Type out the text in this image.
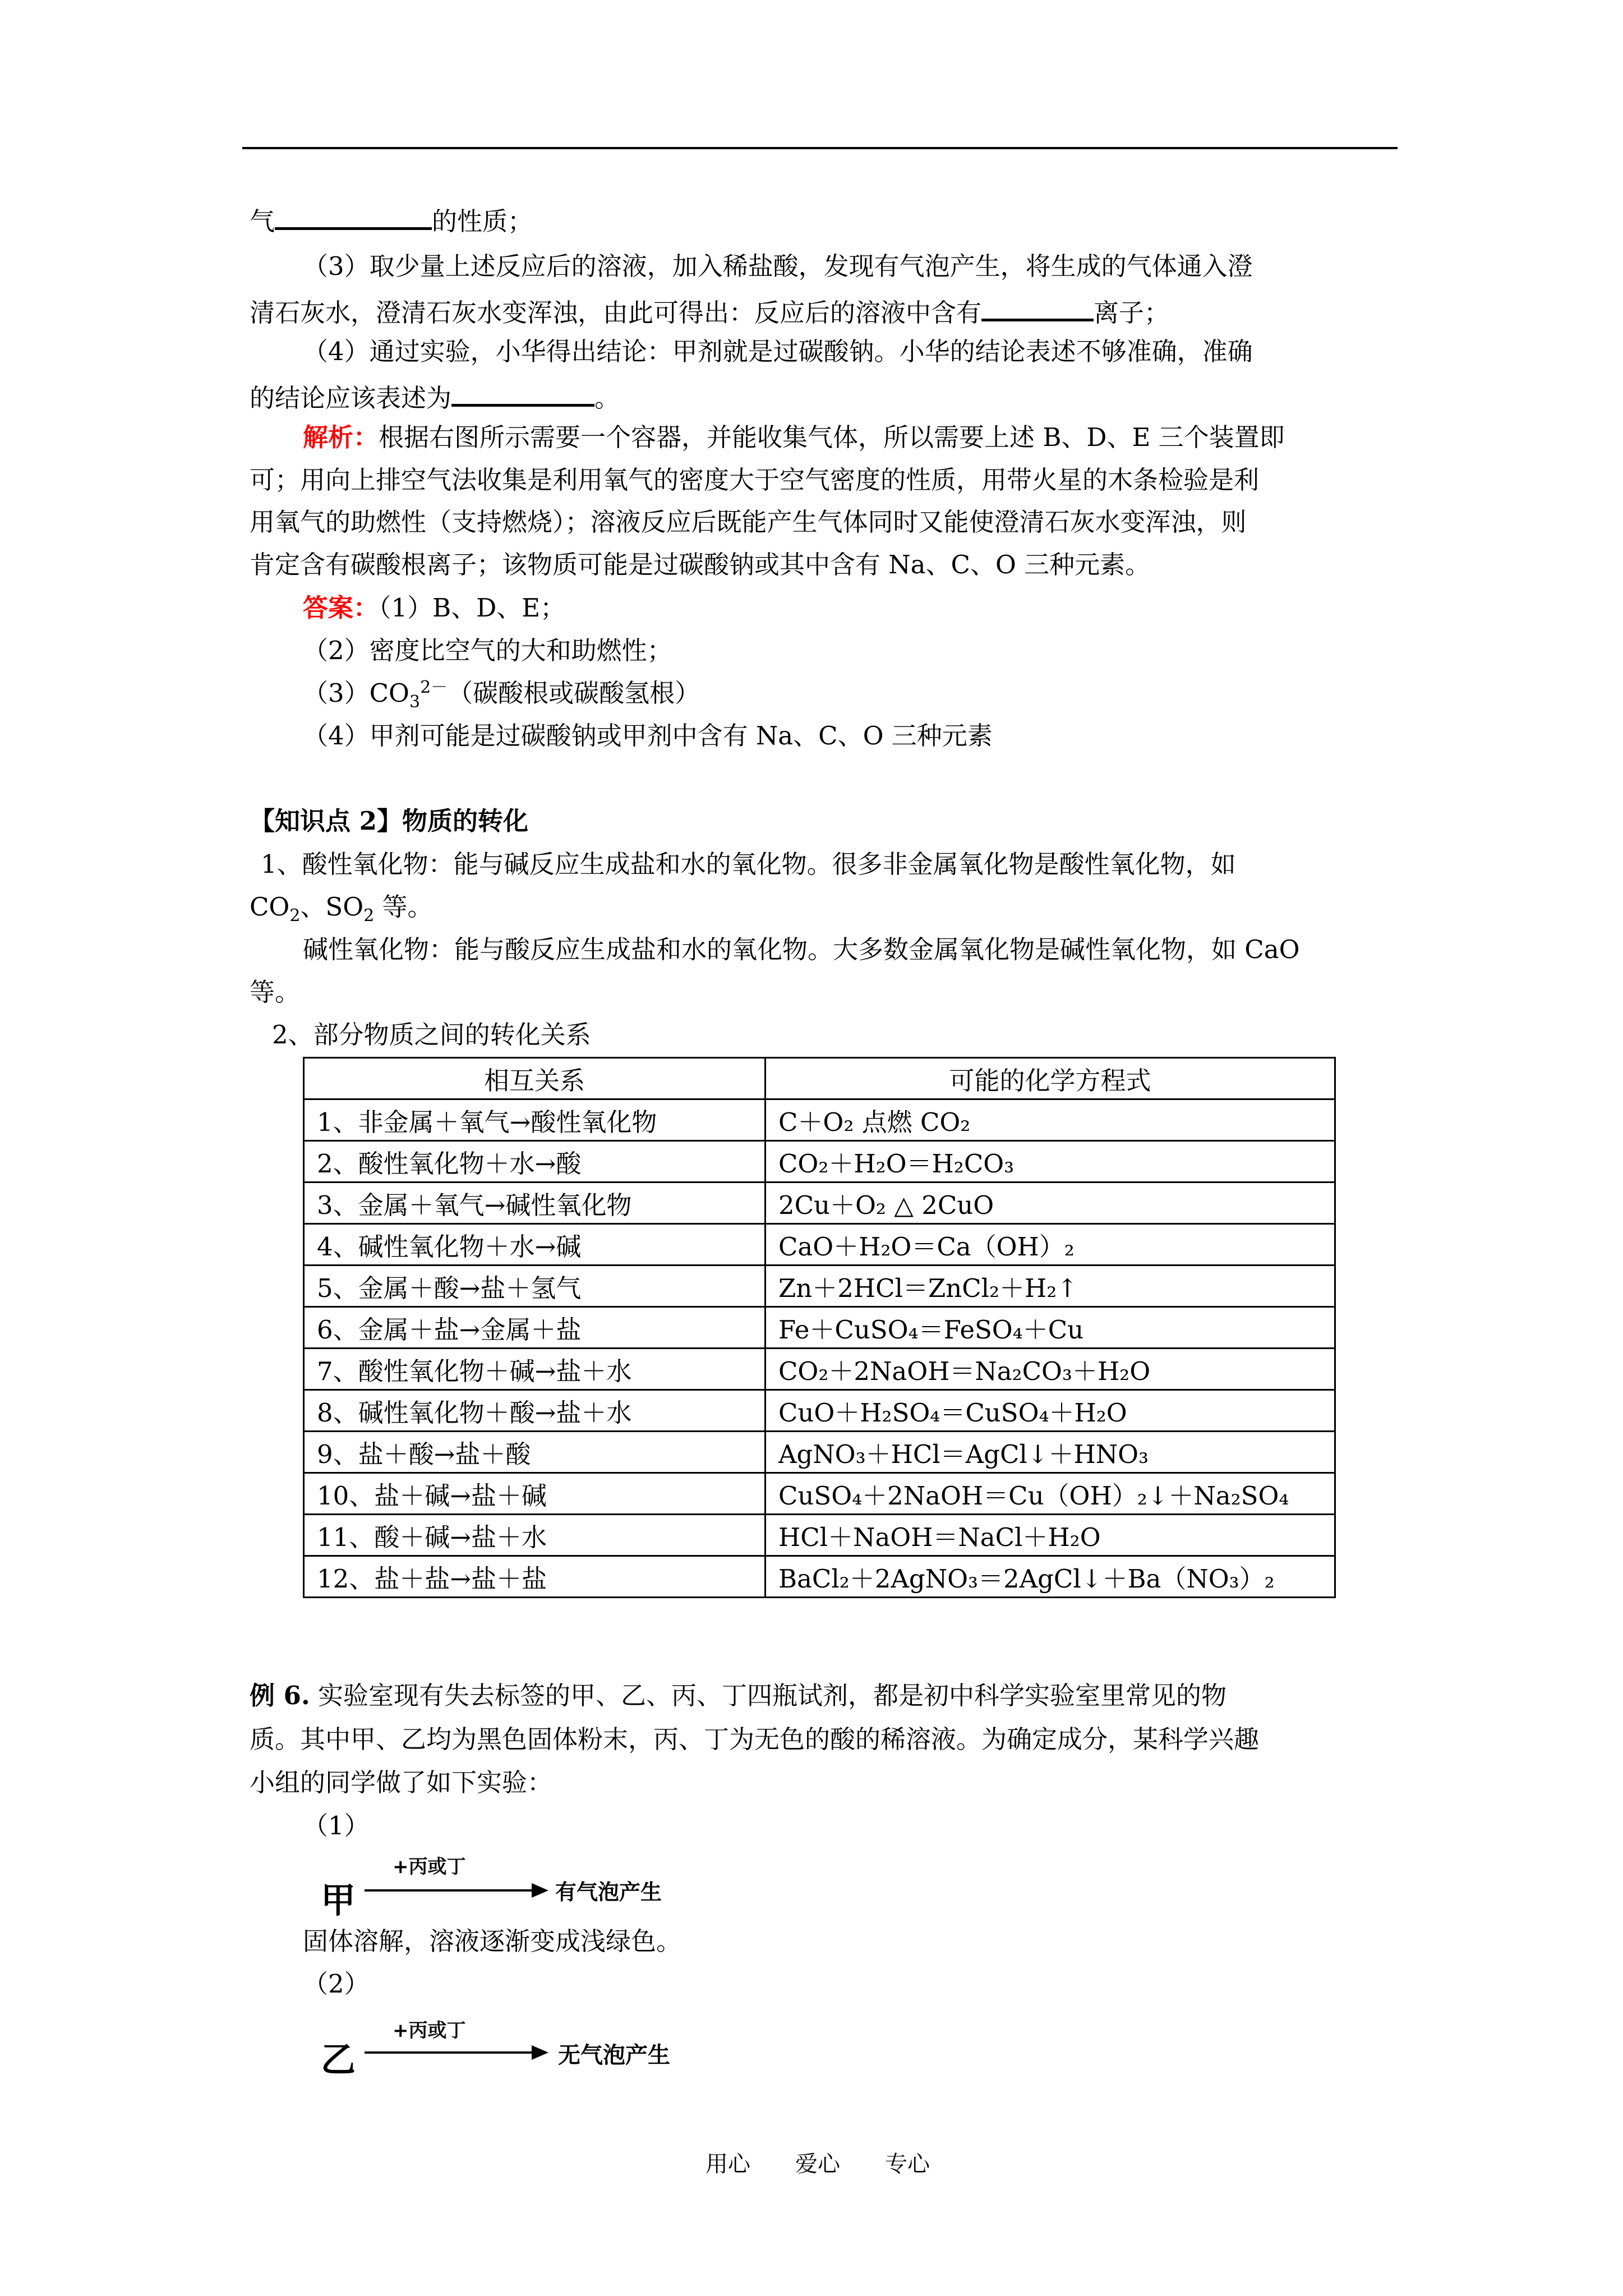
气	的性质；
（3）取少量上述反应后的溶液，加入稀盐酸，发现有气泡产生，将生成的气体通入澄
清石灰水，澄清石灰水变浑浊，由此可得出：反应后的溶液中含有	离子；
（4）通过实验，小华得出结论：甲剂就是过碳酸钠。小华的结论表述不够准确，准确
的结论应该表述为	。
解析：根据右图所示需要一个容器，并能收集气体，所以需要上述 B、D、E 三个装置即
可；用向上排空气法收集是利用氧气的密度大于空气密度的性质，用带火星的木条检验是利
用氧气的助燃性（支持燃烧）；溶液反应后既能产生气体同时又能使澄清石灰水变浑浊，则
肯定含有碳酸根离子；该物质可能是过碳酸钠或其中含有 Na、C、O 三种元素。
答案：（1）B、D、E；
（2）密度比空气的大和助燃性；
$(3)CO_3^{2-}$（碳酸根或碳酸氢根）
（4）甲剂可能是过碳酸钠或甲剂中含有 Na、C、O 三种元素
【知识点 2】物质的转化
1、酸性氧化物：能与碱反应生成盐和水的氧化物。很多非金属氧化物是酸性氧化物，如
$CO_2$、$SO_2$ 等。
碱性氧化物：能与酸反应生成盐和水的氧化物。大多数金属氧化物是碱性氧化物，如 CaO
等。
2、部分物质之间的转化关系
相互关系	可能的化学方程式
1、非金属＋氧气→酸性氧化物	C＋O₂ 点燃 CO₂
2、酸性氧化物＋水→酸	CO₂＋H₂O＝H₂CO₃
3、金属＋氧气→碱性氧化物	2Cu＋O₂ △ 2CuO
4、碱性氧化物＋水→碱	CaO＋H₂O＝Ca（OH）₂
5、金属＋酸→盐＋氢气	Zn＋2HCl＝ZnCl₂＋H₂↑
6、金属＋盐→金属＋盐	Fe＋CuSO₄＝FeSO₄＋Cu
7、酸性氧化物＋碱→盐＋水	CO₂＋2NaOH＝Na₂CO₃＋H₂O
8、碱性氧化物＋酸→盐＋水	CuO＋H₂SO₄＝CuSO₄＋H₂O
9、盐＋酸→盐＋酸	AgNO₃＋HCl＝AgCl↓＋HNO₃
10、盐＋碱→盐＋碱	CuSO₄＋2NaOH＝Cu（OH）₂↓＋Na₂SO₄
11、酸＋碱→盐＋水	HCl＋NaOH＝NaCl＋H₂O
12、盐＋盐→盐＋盐	BaCl₂＋2AgNO₃＝2AgCl↓＋Ba（NO₃）₂
例 6. 实验室现有失去标签的甲、乙、丙、丁四瓶试剂，都是初中科学实验室里常见的物
质。其中甲、乙均为黑色固体粉末，丙、丁为无色的酸的稀溶液。为确定成分，某科学兴趣
小组的同学做了如下实验：
（1）
甲
+丙或丁
有气泡产生
固体溶解，溶液逐渐变成浅绿色。
（2）
乙
+丙或丁
无气泡产生
用心　　爱心　　专心
